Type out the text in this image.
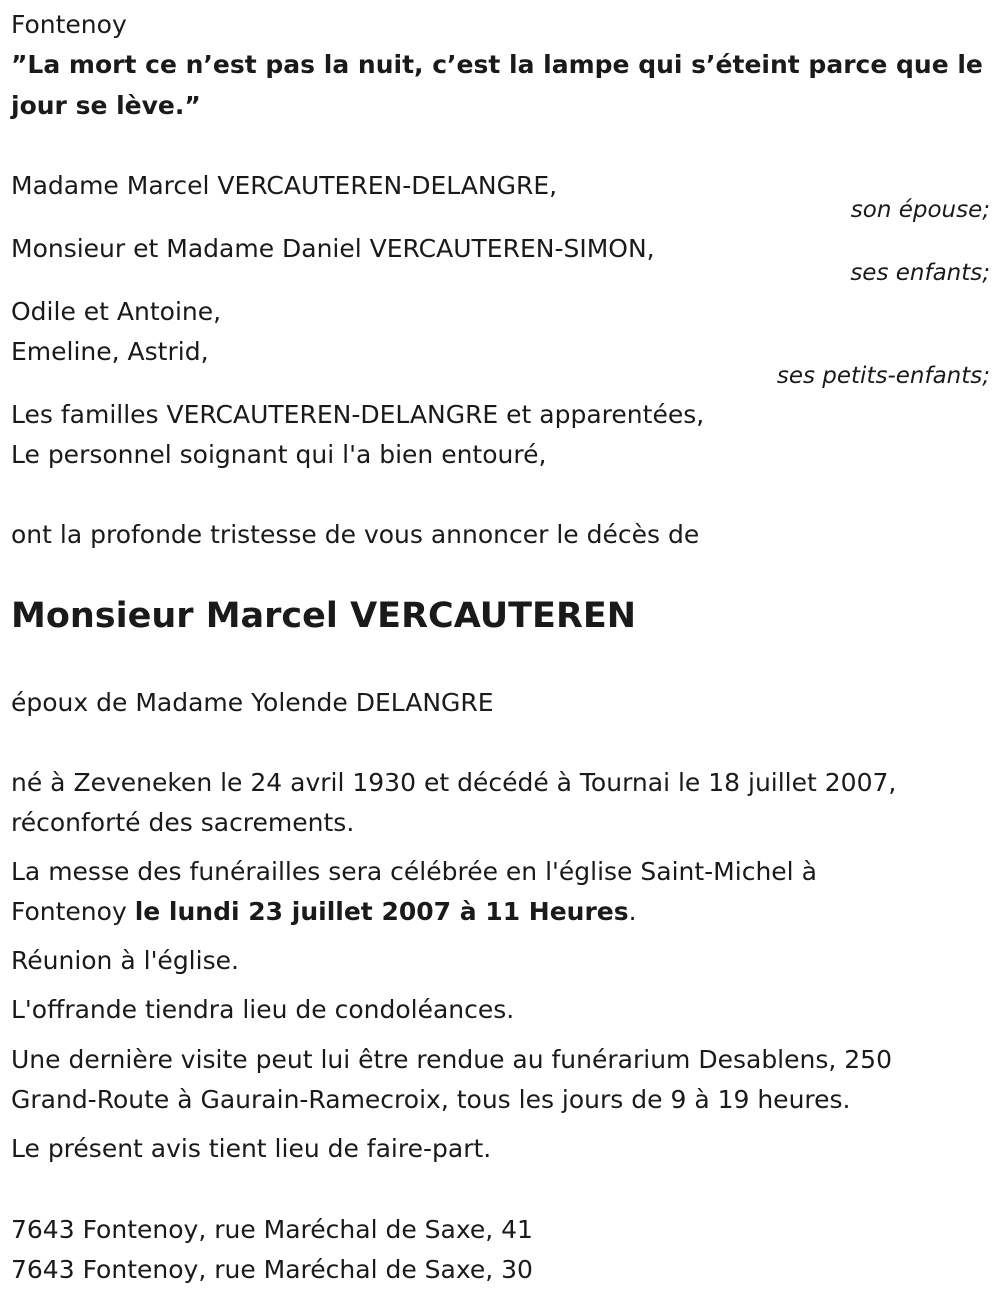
Fontenoy
”La mort ce n’est pas la nuit, c’est la lampe qui s’éteint parce que le
jour se lève.”
Madame Marcel VERCAUTEREN-DELANGRE,
son épouse;
Monsieur et Madame Daniel VERCAUTEREN-SIMON,
ses enfants;
Odile et Antoine,
Emeline, Astrid,
ses petits-enfants;
Les familles VERCAUTEREN-DELANGRE et apparentées,
Le personnel soignant qui l'a bien entouré,
ont la profonde tristesse de vous annoncer le décès de
Monsieur Marcel VERCAUTEREN
époux de Madame Yolende DELANGRE
né à Zeveneken le 24 avril 1930 et décédé à Tournai le 18 juillet 2007,
réconforté des sacrements.
La messe des funérailles sera célébrée en l'église Saint-Michel à
Fontenoy le lundi 23 juillet 2007 à 11 Heures.
Réunion à l'église.
L'offrande tiendra lieu de condoléances.
Une dernière visite peut lui être rendue au funérarium Desablens, 250
Grand-Route à Gaurain-Ramecroix, tous les jours de 9 à 19 heures.
Le présent avis tient lieu de faire-part.
7643 Fontenoy, rue Maréchal de Saxe, 41
7643 Fontenoy, rue Maréchal de Saxe, 30
